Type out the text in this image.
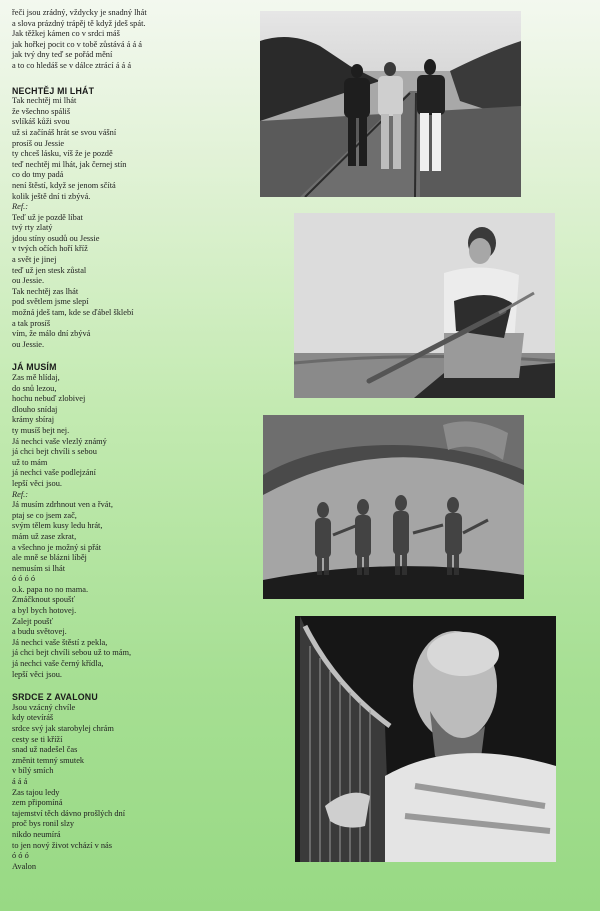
řeči jsou zrádný, vždycky je snadný lhát
a slova prázdný trápěj tě když jdeš spát.

Jak těžkej kámen co v srdci máš
jak hořkej pocit co v tobě zůstává á á á
jak tvý dny teď se pořád mění
a to co hledáš se v dálce ztrácí á á á

NECHTĚJ MI LHÁT

Tak nechtěj mi lhát
že všechno spáliš
svlíkáš kůži svou
už si začínáš hrát se svou vášní
prosíš ou Jessie
ty chceš lásku, víš že je pozdě
teď nechtěj mi lhát, jak černej stín
co do tmy padá
není štěstí, když se jenom sčítá
kolik ještě dní ti zbývá.

Ref.:

Teď už je pozdě líbat
tvý rty zlatý
jdou stíny osudů ou Jessie
v tvých očích hoří kříž
a svět je jinej
teď už jen stesk zůstal
ou Jessie.

Tak nechtěj zas lhát
pod světlem jsme slepí
možná jdeš tam, kde se ďábel šklebí
a tak prosíš
vím, že málo dní zbývá
ou Jessie.

JÁ MUSÍM

Zas mě hlídaj,
do snů lezou,
hochu nebuď zlobivej
dlouho snídaj
krámy sbíraj
ty musíš bejt nej.

Já nechci vaše vlezlý známý
já chci bejt chvíli s sebou
už to mám
já nechci vaše podlejzání
lepší věci jsou.

Ref.:

Já musím zdrhnout ven a řvát,
ptaj se co jsem zač,
svým tělem kusy ledu hrát,
mám už zase zkrat,
a všechno je možný si přát
ale mně se blázni líběj
nemusím si lhát
ó ó ó ó
o.k. papa no no mama.

Zmáčknout spoušť
a byl bych hotovej.
Zalejt poušť
a budu světovej.

Já nechci vaše štěstí z pekla,
já chci bejt chvíli sebou už to mám,
já nechci vaše černý křídla,
lepší věci jsou.

SRDCE Z AVALONU

Jsou vzácný chvíle
kdy otevíráš
srdce svý jak starobylej chrám
cesty se ti kříží
snad už nadešel čas
změnit temný smutek
v bílý smích
á á á

Zas tajou ledy
zem připomíná
tajemství těch dávno prošlých dní
proč bys ronil slzy
nikdo neumírá
to jen nový život vchází v nás
ó ó ó

Avalon
